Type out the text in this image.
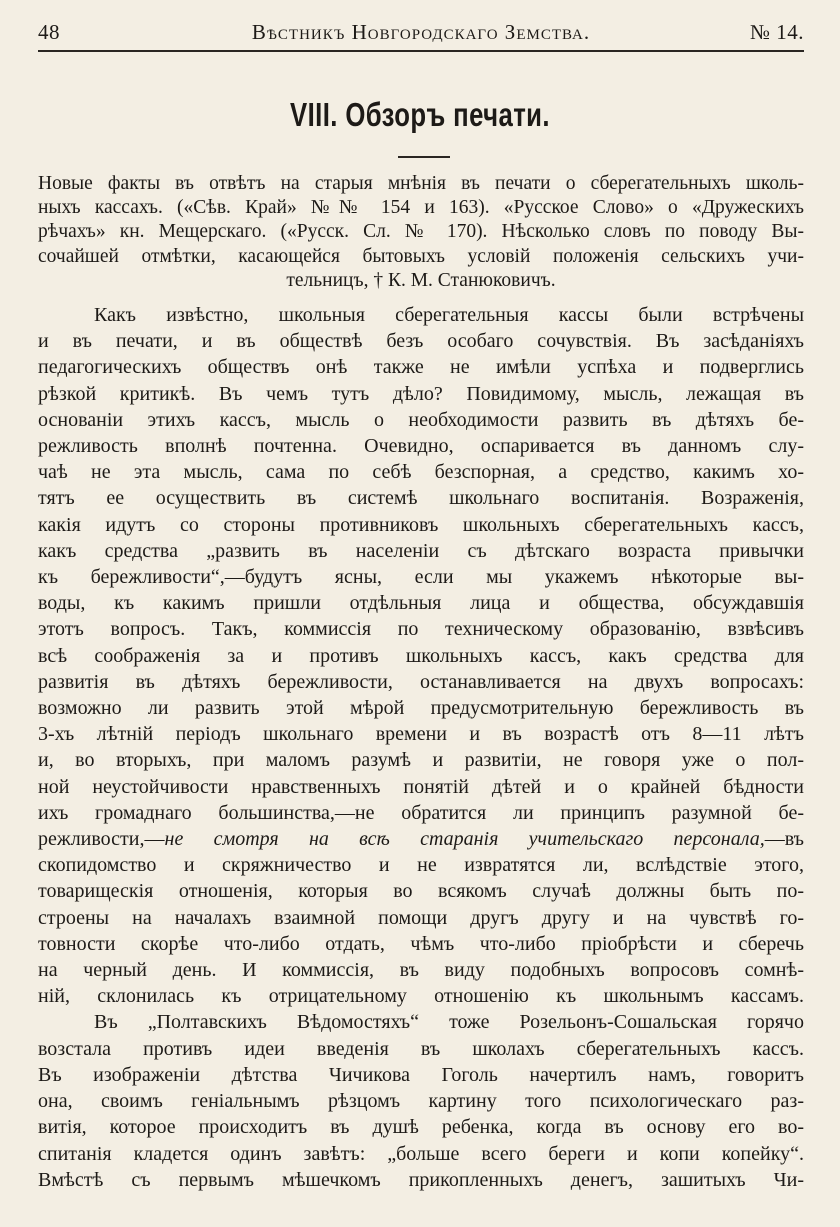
48	Вѣстникъ Новгородскаго Земства.	№ 14.
VIII. Обзоръ печати.
Новые факты въ отвѣтъ на старыя мнѣнія въ печати о сберегательныхъ школь-
ныхъ кассахъ. («Сѣв. Край» №№ 154 и 163). «Русское Слово» о «Дружескихъ
рѣчахъ» кн. Мещерскаго. («Русск. Сл. № 170). Нѣсколько словъ по поводу Вы-
сочайшей отмѣтки, касающейся бытовыхъ условій положенія сельскихъ учи-
тельницъ, † К. М. Станюковичъ.
Какъ извѣстно, школьныя сберегательныя кассы были встрѣчены
и въ печати, и въ обществѣ безъ особаго сочувствія. Въ засѣданіяхъ
педагогическихъ обществъ онѣ также не имѣли успѣха и подверглись
рѣзкой критикѣ. Въ чемъ тутъ дѣло? Повидимому, мысль, лежащая въ
основаніи этихъ кассъ, мысль о необходимости развить въ дѣтяхъ бе-
режливость вполнѣ почтенна. Очевидно, оспаривается въ данномъ слу-
чаѣ не эта мысль, сама по себѣ безспорная, а средство, какимъ хо-
тятъ ее осуществить въ системѣ школьнаго воспитанія. Возраженія,
какія идутъ со стороны противниковъ школьныхъ сберегательныхъ кассъ,
какъ средства „развить въ населеніи съ дѣтскаго возраста привычки
къ бережливости“,—будутъ ясны, если мы укажемъ нѣкоторые вы-
воды, къ какимъ пришли отдѣльныя лица и общества, обсуждавшія
этотъ вопросъ. Такъ, коммиссія по техническому образованію, взвѣсивъ
всѣ соображенія за и противъ школьныхъ кассъ, какъ средства для
развитія въ дѣтяхъ бережливости, останавливается на двухъ вопросахъ:
возможно ли развить этой мѣрой предусмотрительную бережливость въ
3-хъ лѣтній періодъ школьнаго времени и въ возрастѣ отъ 8—11 лѣтъ
и, во вторыхъ, при маломъ разумѣ и развитіи, не говоря уже о пол-
ной неустойчивости нравственныхъ понятій дѣтей и о крайней бѣдности
ихъ громаднаго большинства,—не обратится ли принципъ разумной бе-
режливости,—не смотря на всѣ старанія учительскаго персонала,—въ
скопидомство и скряжничество и не извратятся ли, вслѣдствіе этого,
товарищескія отношенія, которыя во всякомъ случаѣ должны быть по-
строены на началахъ взаимной помощи другъ другу и на чувствѣ го-
товности скорѣе что-либо отдать, чѣмъ что-либо пріобрѣсти и сберечь
на черный день. И коммиссія, въ виду подобныхъ вопросовъ сомнѣ-
ній, склонилась къ отрицательному отношенію къ школьнымъ кассамъ.
Въ „Полтавскихъ Вѣдомостяхъ“ тоже Розельонъ-Сошальская горячо
возстала противъ идеи введенія въ школахъ сберегательныхъ кассъ.
Въ изображеніи дѣтства Чичикова Гоголь начертилъ намъ, говоритъ
она, своимъ геніальнымъ рѣзцомъ картину того психологическаго раз-
витія, которое происходитъ въ душѣ ребенка, когда въ основу его во-
спитанія кладется одинъ завѣтъ: „больше всего береги и копи копейку“.
Вмѣстѣ съ первымъ мѣшечкомъ прикопленныхъ денегъ, зашитыхъ Чи-
